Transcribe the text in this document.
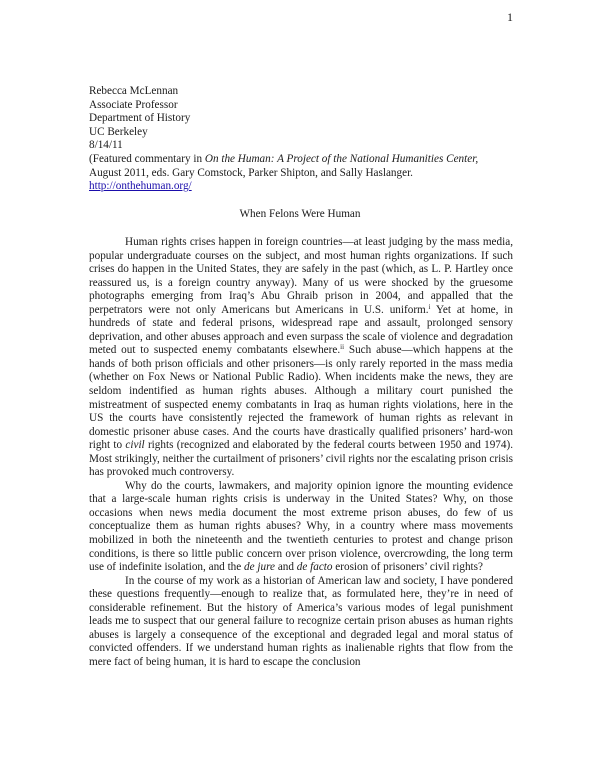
1
Rebecca McLennan
Associate Professor
Department of History
UC Berkeley
8/14/11
(Featured commentary in On the Human: A Project of the National Humanities Center,
August 2011, eds. Gary Comstock, Parker Shipton, and Sally Haslanger.
http://onthehuman.org/
When Felons Were Human

Human rights crises happen in foreign countries—at least judging by the mass media, popular undergraduate courses on the subject, and most human rights organizations. If such crises do happen in the United States, they are safely in the past (which, as L. P. Hartley once reassured us, is a foreign country anyway). Many of us were shocked by the gruesome photographs emerging from Iraq’s Abu Ghraib prison in 2004, and appalled that the perpetrators were not only Americans but Americans in U.S. uniform.$^i$ Yet at home, in hundreds of state and federal prisons, widespread rape and assault, prolonged sensory deprivation, and other abuses approach and even surpass the scale of violence and degradation meted out to suspected enemy combatants elsewhere.$^{ii}$ Such abuse—which happens at the hands of both prison officials and other prisoners—is only rarely reported in the mass media (whether on Fox News or National Public Radio). When incidents make the news, they are seldom indentified as human rights abuses. Although a military court punished the mistreatment of suspected enemy combatants in Iraq as human rights violations, here in the US the courts have consistently rejected the framework of human rights as relevant in domestic prisoner abuse cases. And the courts have drastically qualified prisoners’ hard-won right to civil rights (recognized and elaborated by the federal courts between 1950 and 1974). Most strikingly, neither the curtailment of prisoners’ civil rights nor the escalating prison crisis has provoked much controversy.

Why do the courts, lawmakers, and majority opinion ignore the mounting evidence that a large-scale human rights crisis is underway in the United States? Why, on those occasions when news media document the most extreme prison abuses, do few of us conceptualize them as human rights abuses? Why, in a country where mass movements mobilized in both the nineteenth and the twentieth centuries to protest and change prison conditions, is there so little public concern over prison violence, overcrowding, the long term use of indefinite isolation, and the de jure and de facto erosion of prisoners’ civil rights?

In the course of my work as a historian of American law and society, I have pondered these questions frequently—enough to realize that, as formulated here, they’re in need of considerable refinement. But the history of America’s various modes of legal punishment leads me to suspect that our general failure to recognize certain prison abuses as human rights abuses is largely a consequence of the exceptional and degraded legal and moral status of convicted offenders. If we understand human rights as inalienable rights that flow from the mere fact of being human, it is hard to escape the conclusion
